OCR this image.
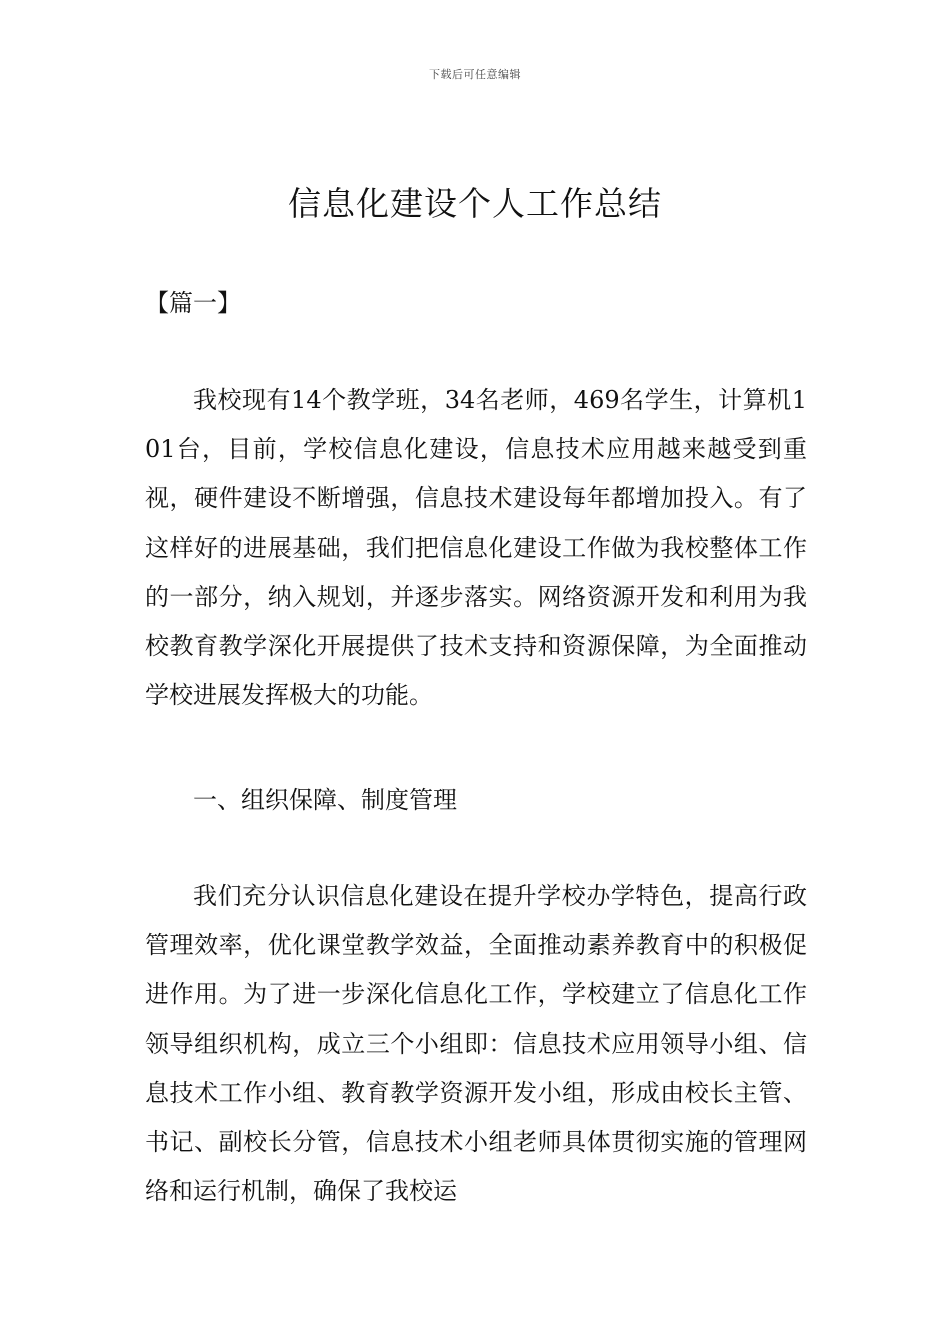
下载后可任意编辑
信息化建设个人工作总结
【篇一】

我校现有14个教学班，34名老师，469名学生，计算机101台，目前，学校信息化建设，信息技术应用越来越受到重视，硬件建设不断增强，信息技术建设每年都增加投入。有了这样好的进展基础，我们把信息化建设工作做为我校整体工作的一部分，纳入规划，并逐步落实。网络资源开发和利用为我校教育教学深化开展提供了技术支持和资源保障，为全面推动学校进展发挥极大的功能。

一、组织保障、制度管理

我们充分认识信息化建设在提升学校办学特色，提高行政管理效率，优化课堂教学效益，全面推动素养教育中的积极促进作用。为了进一步深化信息化工作，学校建立了信息化工作领导组织机构，成立三个小组即：信息技术应用领导小组、信息技术工作小组、教育教学资源开发小组，形成由校长主管、书记、副校长分管，信息技术小组老师具体贯彻实施的管理网络和运行机制，确保了我校运
